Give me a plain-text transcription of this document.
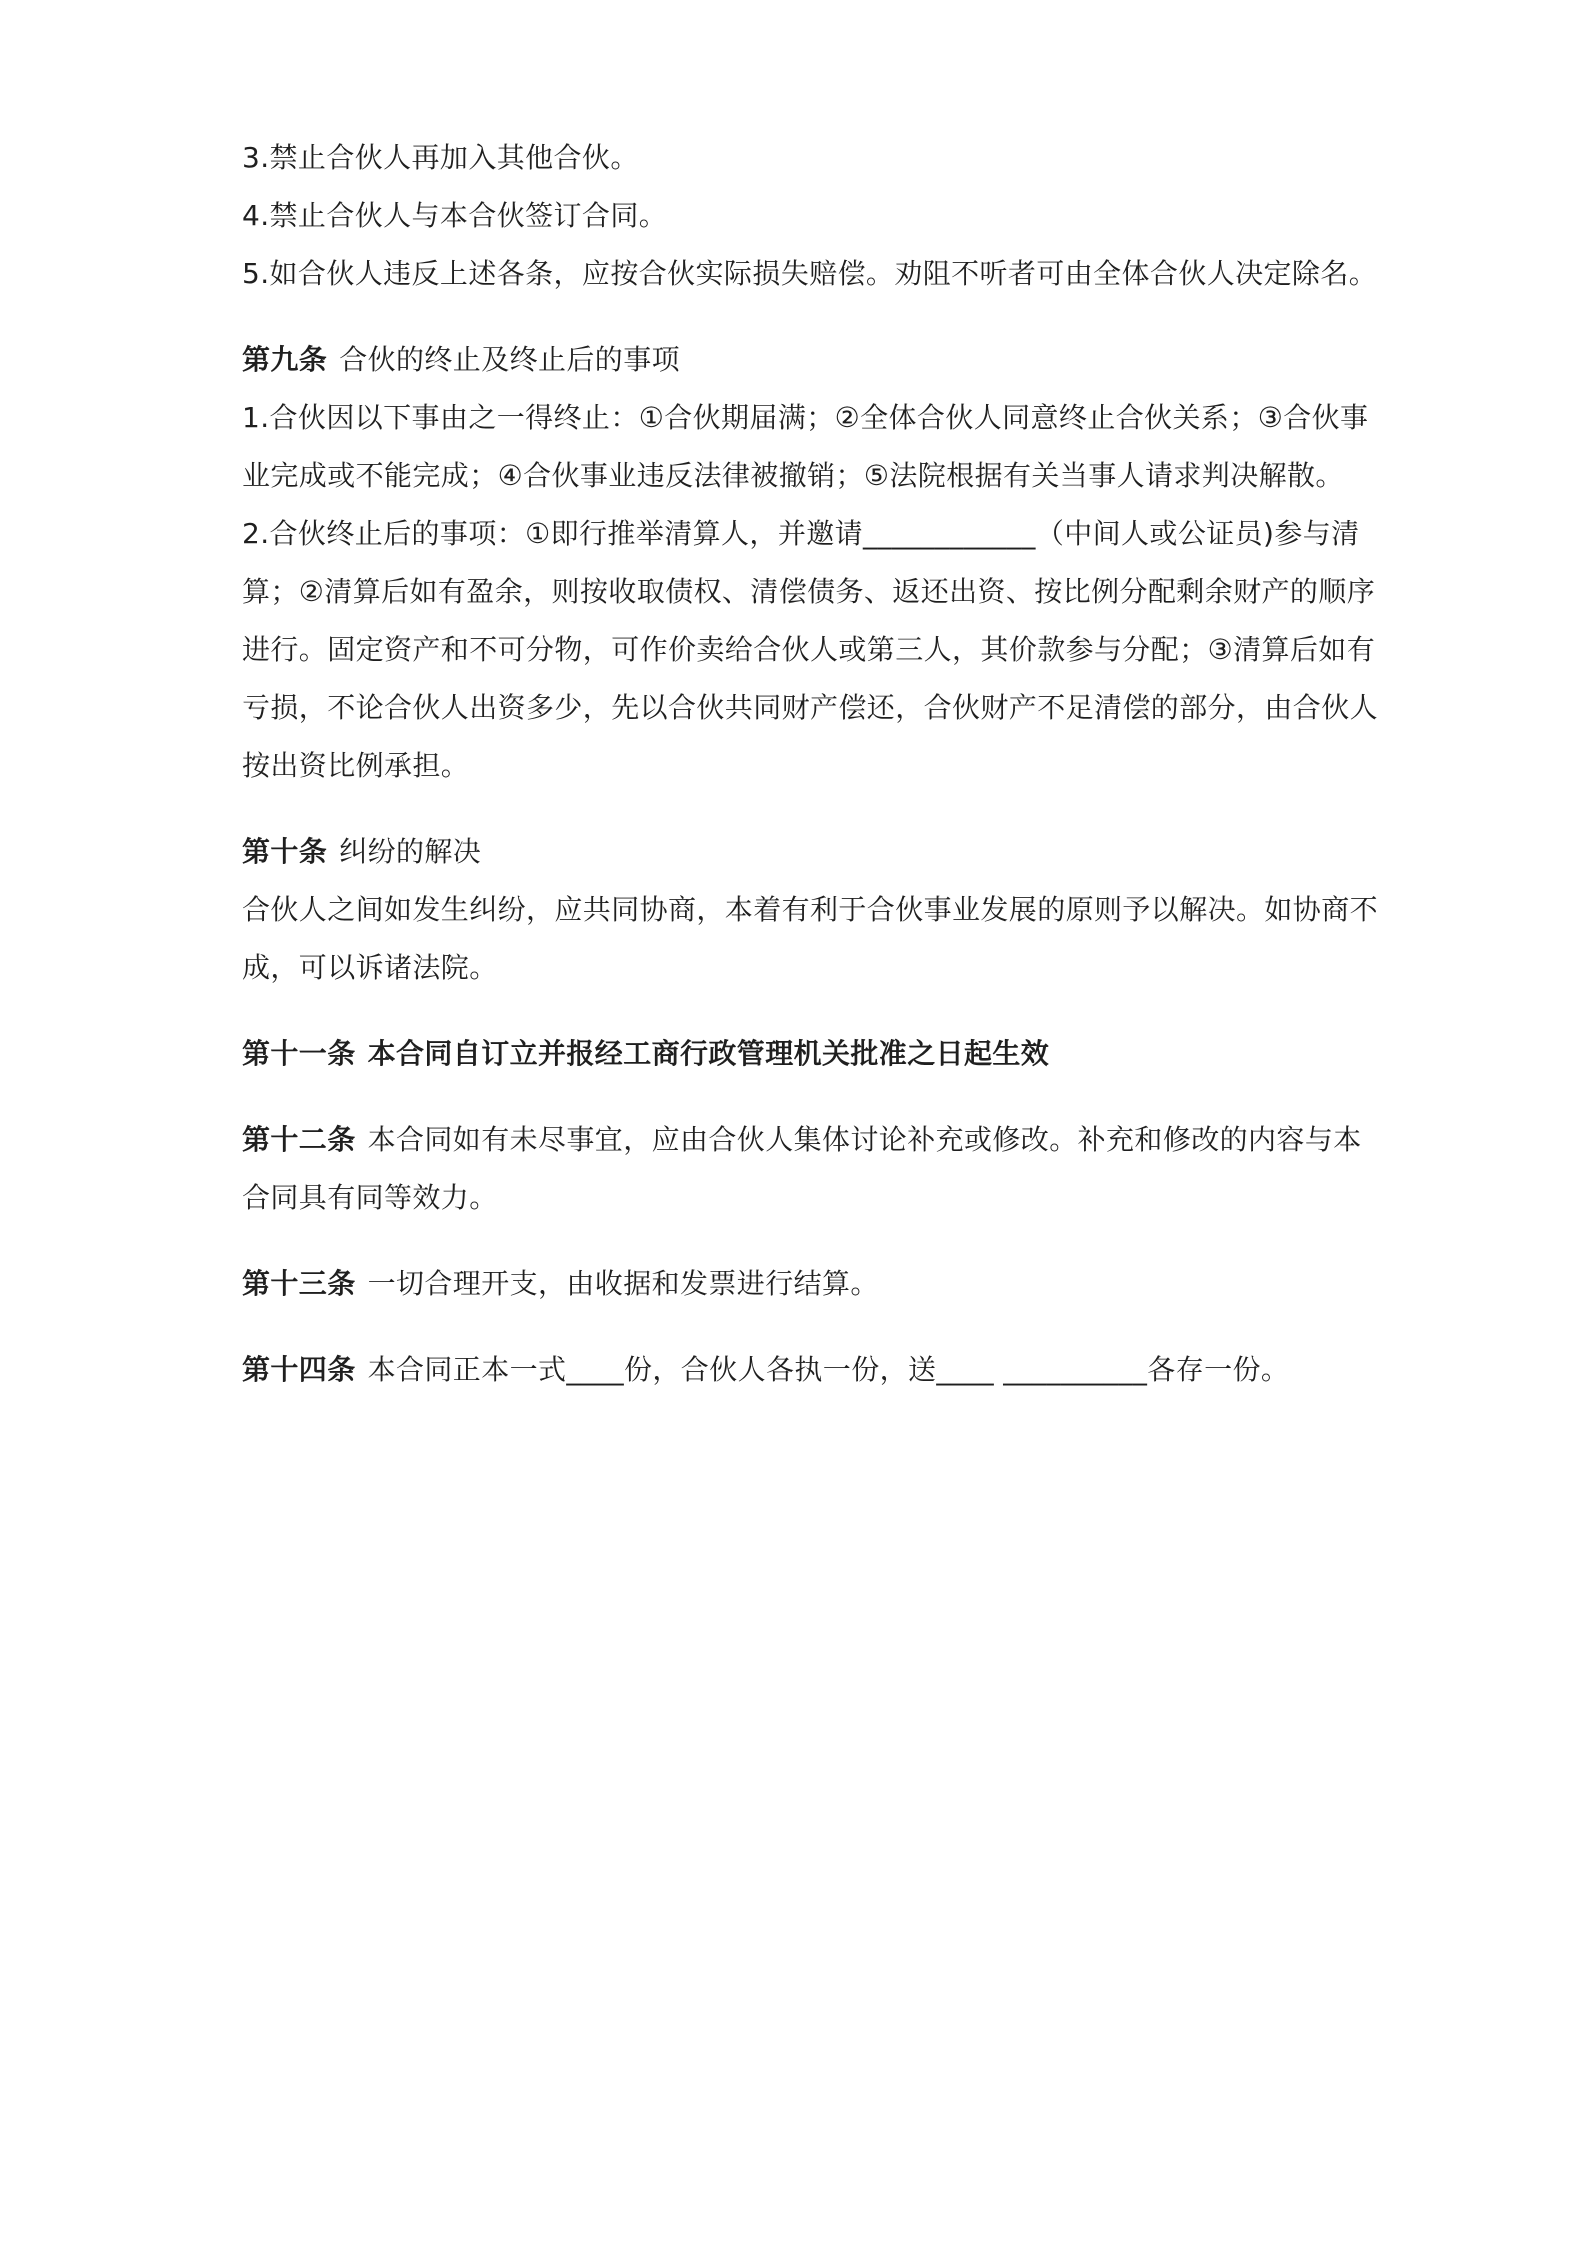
3.禁止合伙人再加入其他合伙。
4.禁止合伙人与本合伙签订合同。
5.如合伙人违反上述各条，应按合伙实际损失赔偿。劝阻不听者可由全体合伙人决定除名。
第九条 合伙的终止及终止后的事项
1.合伙因以下事由之一得终止：①合伙期届满；②全体合伙人同意终止合伙关系；③合伙事
业完成或不能完成；④合伙事业违反法律被撤销；⑤法院根据有关当事人请求判决解散。
2.合伙终止后的事项：①即行推举清算人，并邀请____________（中间人或公证员)参与清
算；②清算后如有盈余，则按收取债权、清偿债务、返还出资、按比例分配剩余财产的顺序
进行。固定资产和不可分物，可作价卖给合伙人或第三人，其价款参与分配；③清算后如有
亏损，不论合伙人出资多少，先以合伙共同财产偿还，合伙财产不足清偿的部分，由合伙人
按出资比例承担。
第十条 纠纷的解决
合伙人之间如发生纠纷，应共同协商，本着有利于合伙事业发展的原则予以解决。如协商不
成，可以诉诸法院。
第十一条 本合同自订立并报经工商行政管理机关批准之日起生效
第十二条 本合同如有未尽事宜，应由合伙人集体讨论补充或修改。补充和修改的内容与本
合同具有同等效力。
第十三条 一切合理开支，由收据和发票进行结算。
第十四条 本合同正本一式____份，合伙人各执一份，送____ __________各存一份。
